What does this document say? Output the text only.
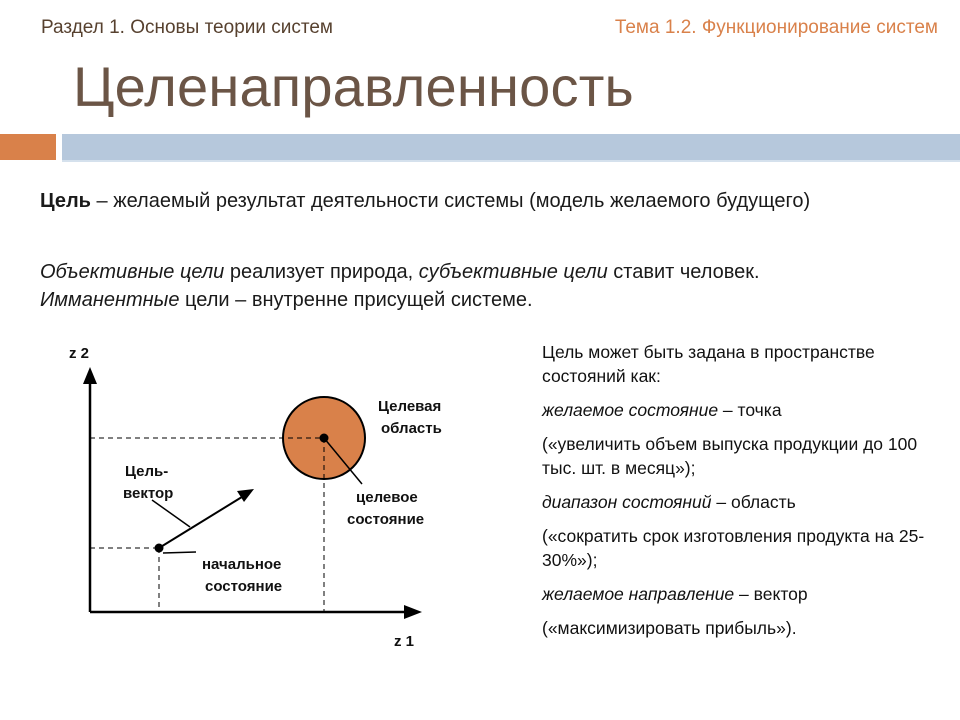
Раздел 1. Основы теории систем	Тема 1.2. Функционирование систем
Целенаправленность
Цель – желаемый результат деятельности системы (модель желаемого будущего)
Объективные цели реализует природа, субъективные цели ставит человек.
Имманентные цели – внутренне присущей системе.
z 2
z 1
Целевая
область
целевое
состояние
Цель-
вектор
начальное
состояние
Цель может быть задана в пространстве состояний как:
желаемое состояние – точка
(«увеличить объем выпуска продукции до 100 тыс. шт. в месяц»);
диапазон состояний – область
(«сократить срок изготовления продукта на 25-30%»);
желаемое направление – вектор
(«максимизировать прибыль»).
